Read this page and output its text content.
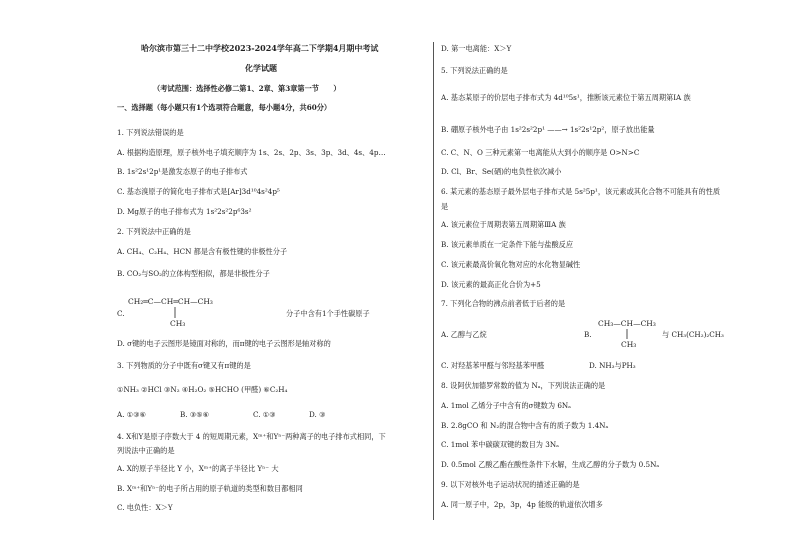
哈尔滨市第三十二中学校2023-2024学年高二下学期4月期中考试
化学试题
（考试范围：选择性必修二第1、2章、第3章第一节　　）
一、选择题（每小题只有1个选项符合题意，每小题4分，共60分）
1. 下列说法错误的是
A. 根据构造原理，原子核外电子填充顺序为 1s、2s、2p、3s、3p、3d、4s、4p…
B. 1s²2s¹2p¹是激发态原子的电子排布式
C. 基态溴原子的简化电子排布式是[Ar]3d¹⁰4s²4p⁵
D. Mg原子的电子排布式为 1s²2s²2p⁶3s²
2. 下列说法中正确的是
A. CH₄、C₂H₄、HCN 都是含有极性键的非极性分子
B. CO₂与SO₂的立体构型相似，都是非极性分子
C.
CH₂═C—CH═CH—CH₃
CH₃
分子中含有1个手性碳原子
D. σ键的电子云图形是镜面对称的，而π键的电子云图形是轴对称的
3. 下列物质的分子中既有σ键又有π键的是
①NH₃ ②HCl ③N₂ ④H₂O₂ ⑤HCHO (甲醛) ⑥C₂H₄
A. ①③⑥	B. ③⑤⑥	C. ①③	D. ③
4. X和Y是原子序数大于 4 的短周期元素，Xᵐ⁺和Yⁿ⁻两种离子的电子排布式相同，下
列说法中正确的是
A. X的原子半径比 Y 小，Xᵐ⁺的离子半径比 Yⁿ⁻ 大
B. Xᵐ⁺和Yⁿ⁻的电子所占用的原子轨道的类型和数目都相同
C. 电负性：X＞Y
D. 第一电离能：X＞Y
5. 下列说法正确的是
A. 基态某原子的价层电子排布式为 4d¹⁰5s¹，推断该元素位于第五周期第ⅠA 族
B. 硼原子核外电子由 1s²2s²2p¹ ——→ 1s²2s¹2p²，原子放出能量
C. C、N、O 三种元素第一电离能从大到小的顺序是 O>N>C
D. Cl、Br、Se(硒)的电负性依次减小
6. 某元素的基态原子最外层电子排布式是 5s²5p¹，该元素或其化合物不可能具有的性质
是
A. 该元素位于周期表第五周期第ⅢA 族
B. 该元素单质在一定条件下能与盐酸反应
C. 该元素最高价氧化物对应的水化物显碱性
D. 该元素的最高正化合价为+5
7. 下列化合物的沸点前者低于后者的是
A. 乙醇与乙烷	B.
CH₃—CH—CH₃
CH₃
与 CH₃(CH₂)₂CH₃
C. 对羟基苯甲醛与邻羟基苯甲醛	D. NH₃与PH₃
8. 设阿伏加德罗常数的值为 Nₐ，下列说法正确的是
A. 1mol 乙烯分子中含有的σ键数为 6Nₐ
B. 2.8gCO 和 N₂的混合物中含有的质子数为 1.4Nₐ
C. 1mol 苯中碳碳双键的数目为 3Nₐ
D. 0.5mol 乙酸乙酯在酸性条件下水解，生成乙醇的分子数为 0.5Nₐ
9. 以下对核外电子运动状况的描述正确的是
A. 同一原子中，2p，3p，4p 能级的轨道依次增多
